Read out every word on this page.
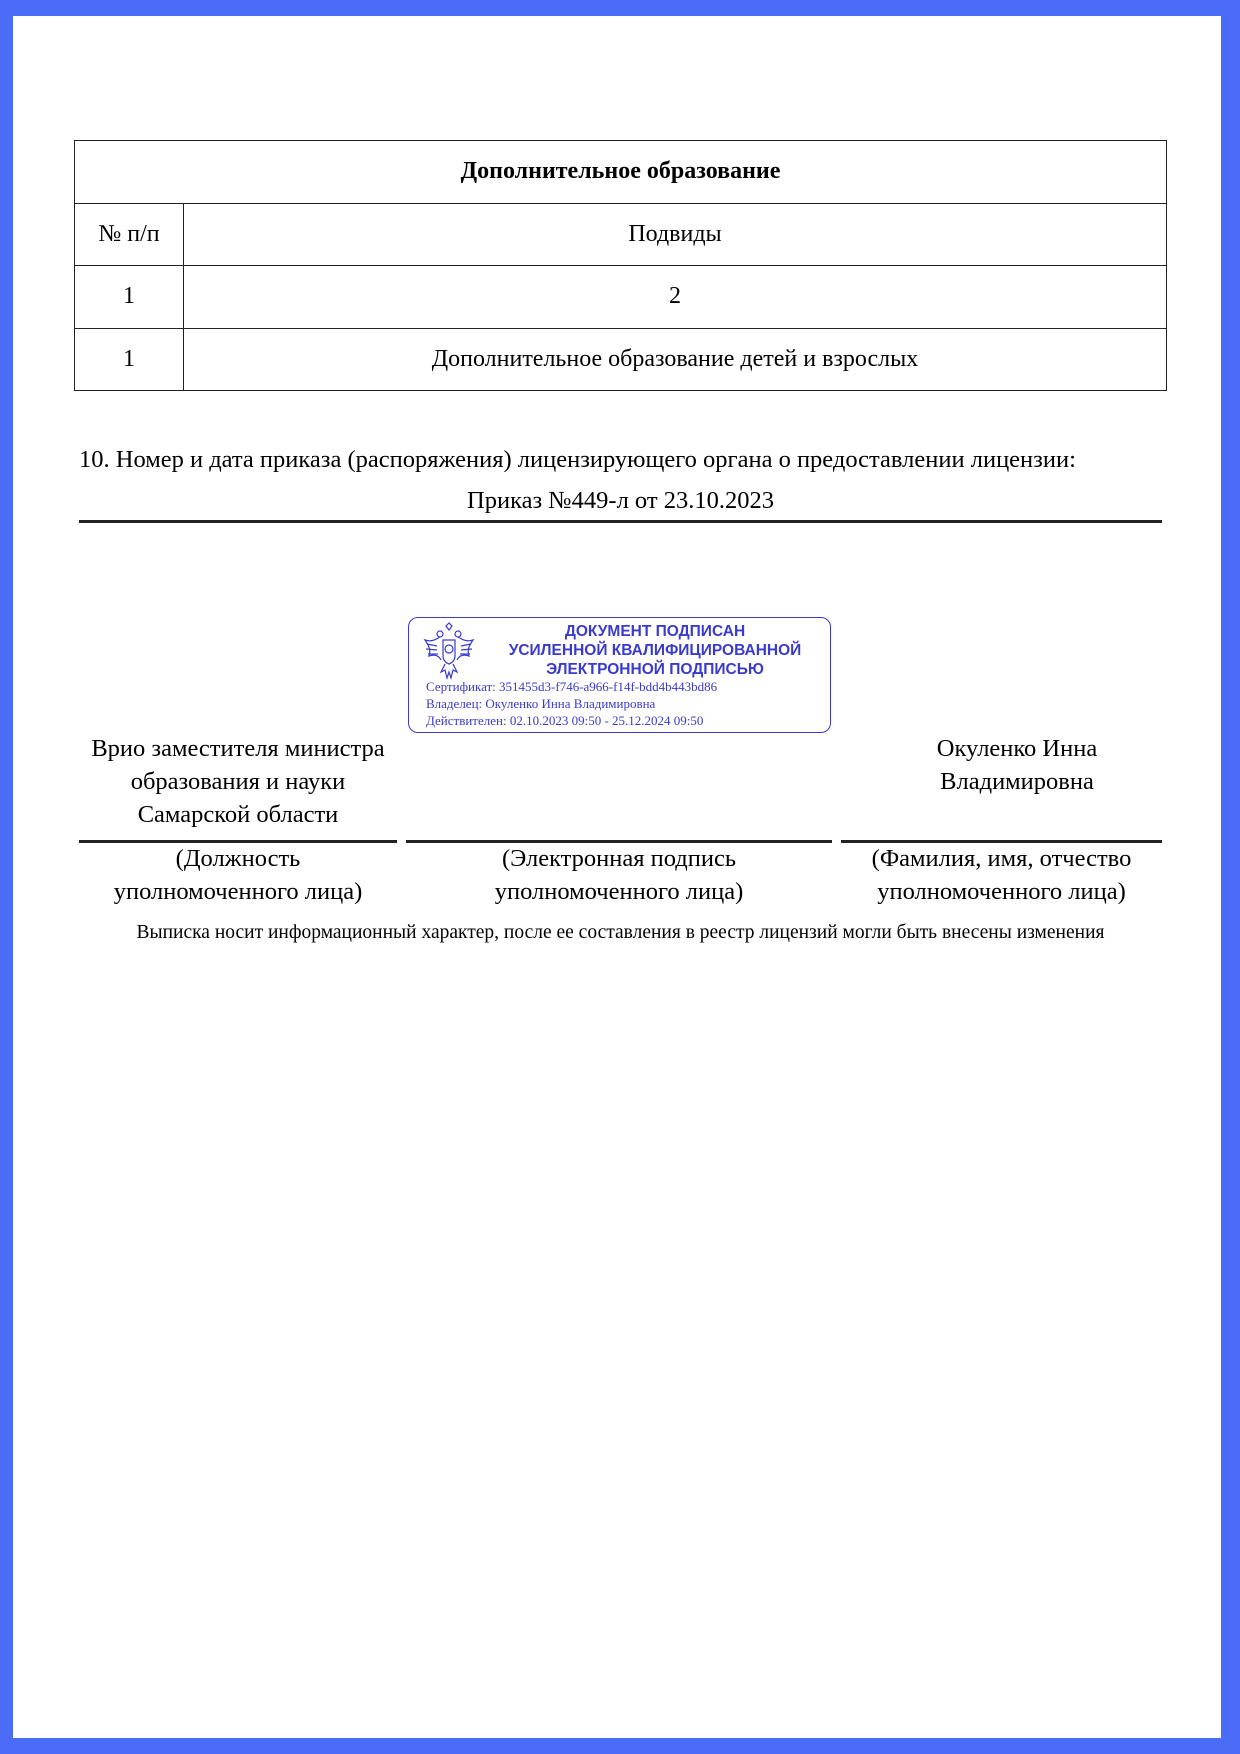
Дополнительное образование	
№ п/п	Подвиды
1	2
1	Дополнительное образование детей и взрослых
10. Номер и дата приказа (распоряжения) лицензирующего органа о предоставлении лицензии:
Приказ №449-л от 23.10.2023
ДОКУМЕНТ ПОДПИСАН
УСИЛЕННОЙ КВАЛИФИЦИРОВАННОЙ
ЭЛЕКТРОННОЙ ПОДПИСЬЮ
Сертификат: 351455d3-f746-a966-f14f-bdd4b443bd86
Владелец: Окуленко Инна Владимировна
Действителен: 02.10.2023 09:50 - 25.12.2024 09:50
Врио заместителя министра
образования и науки
Самарской области
Окуленко Инна
Владимировна
(Должность
уполномоченного лица)
(Электронная подпись
уполномоченного лица)
(Фамилия, имя, отчество
уполномоченного лица)
Выписка носит информационный характер, после ее составления в реестр лицензий могли быть внесены изменения
